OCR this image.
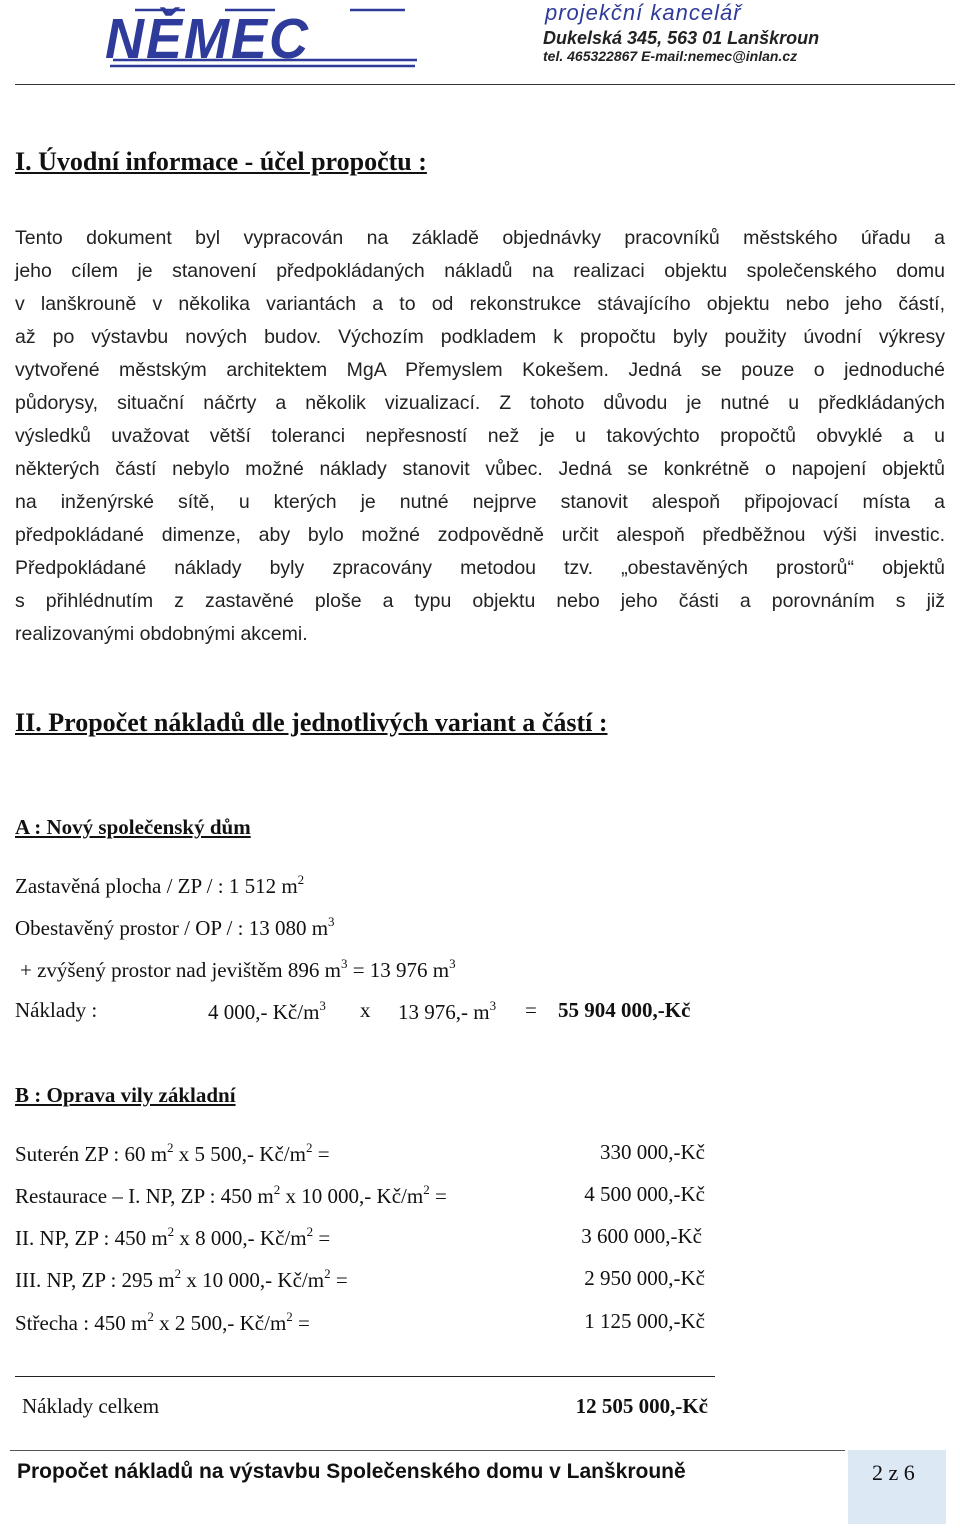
NĚMEC	projekční kancelář
Dukelská 345, 563 01 Lanškroun
tel. 465322867 E-mail:nemec@inlan.cz
I. Úvodní informace - účel propočtu :
Tento dokument byl vypracován na základě objednávky pracovníků městského úřadu a
jeho cílem je stanovení předpokládaných nákladů na realizaci objektu společenského domu
v lanškrouně v několika variantách a to od rekonstrukce stávajícího objektu nebo jeho částí,
až po výstavbu nových budov. Výchozím podkladem k propočtu byly použity úvodní výkresy
vytvořené městským architektem MgA Přemyslem Kokešem. Jedná se pouze o jednoduché
půdorysy, situační náčrty a několik vizualizací. Z tohoto důvodu je nutné u předkládaných
výsledků uvažovat větší toleranci nepřesností než je u takovýchto propočtů obvyklé a u
některých částí nebylo možné náklady stanovit vůbec. Jedná se konkrétně o napojení objektů
na inženýrské sítě, u kterých je nutné nejprve stanovit alespoň připojovací místa a
předpokládané dimenze, aby bylo možné zodpovědně určit alespoň předběžnou výši investic.
Předpokládané náklady byly zpracovány metodou tzv. „obestavěných prostorů“ objektů
s přihlédnutím z zastavěné ploše a typu objektu nebo jeho části a porovnáním s již
realizovanými obdobnými akcemi.
II. Propočet nákladů dle jednotlivých variant a částí :
A : Nový společenský dům
Zastavěná plocha / ZP / : 1 512 $m^2$
Obestavěný prostor / OP / : 13 080 $m^3$
+ zvýšený prostor nad jevištěm 896 $m^3 = 13$ 976 $m^3$
Náklady :	4 000,- $Kč/m^3$ x 13 976,- $m^3 = 55$ 904 000,-Kč
B : Oprava vily základní
Suterén ZP : 60 $m^2$ x 5 500,- $Kč/m^2$ =	330 000,-Kč
Restaurace – I. NP, ZP : 450 $m^2$ x 10 000,- $Kč/m^2$ =	4 500 000,-Kč
II. NP, ZP : 450 $m^2$ x 8 000,- $Kč/m^2$ =	3 600 000,-Kč
III. NP, ZP : 295 $m^2$ x 10 000,- $Kč/m^2$ =	2 950 000,-Kč
Střecha : 450 $m^2$ x 2 500,- $Kč/m^2$ =	1 125 000,-Kč
Náklady celkem	12 505 000,-Kč
Propočet nákladů na výstavbu Společenského domu v Lanškrouně	2 z 6
